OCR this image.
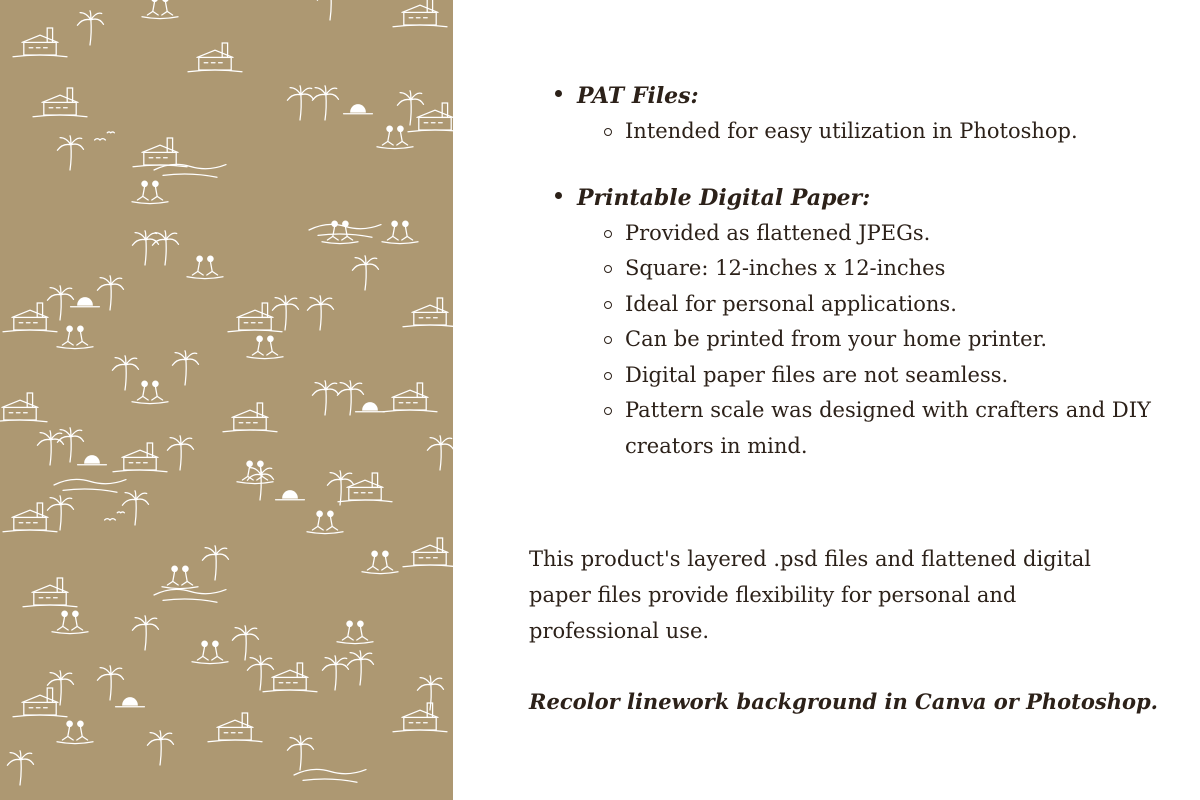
PAT Files:
Intended for easy utilization in Photoshop.
Printable Digital Paper:
Provided as flattened JPEGs.
Square: 12-inches x 12-inches
Ideal for personal applications.
Can be printed from your home printer.
Digital paper files are not seamless.
Pattern scale was designed with crafters and DIY creators in mind.

This product's layered .psd files and flattened digital paper files provide flexibility for personal and professional use.

Recolor linework background in Canva or Photoshop.
